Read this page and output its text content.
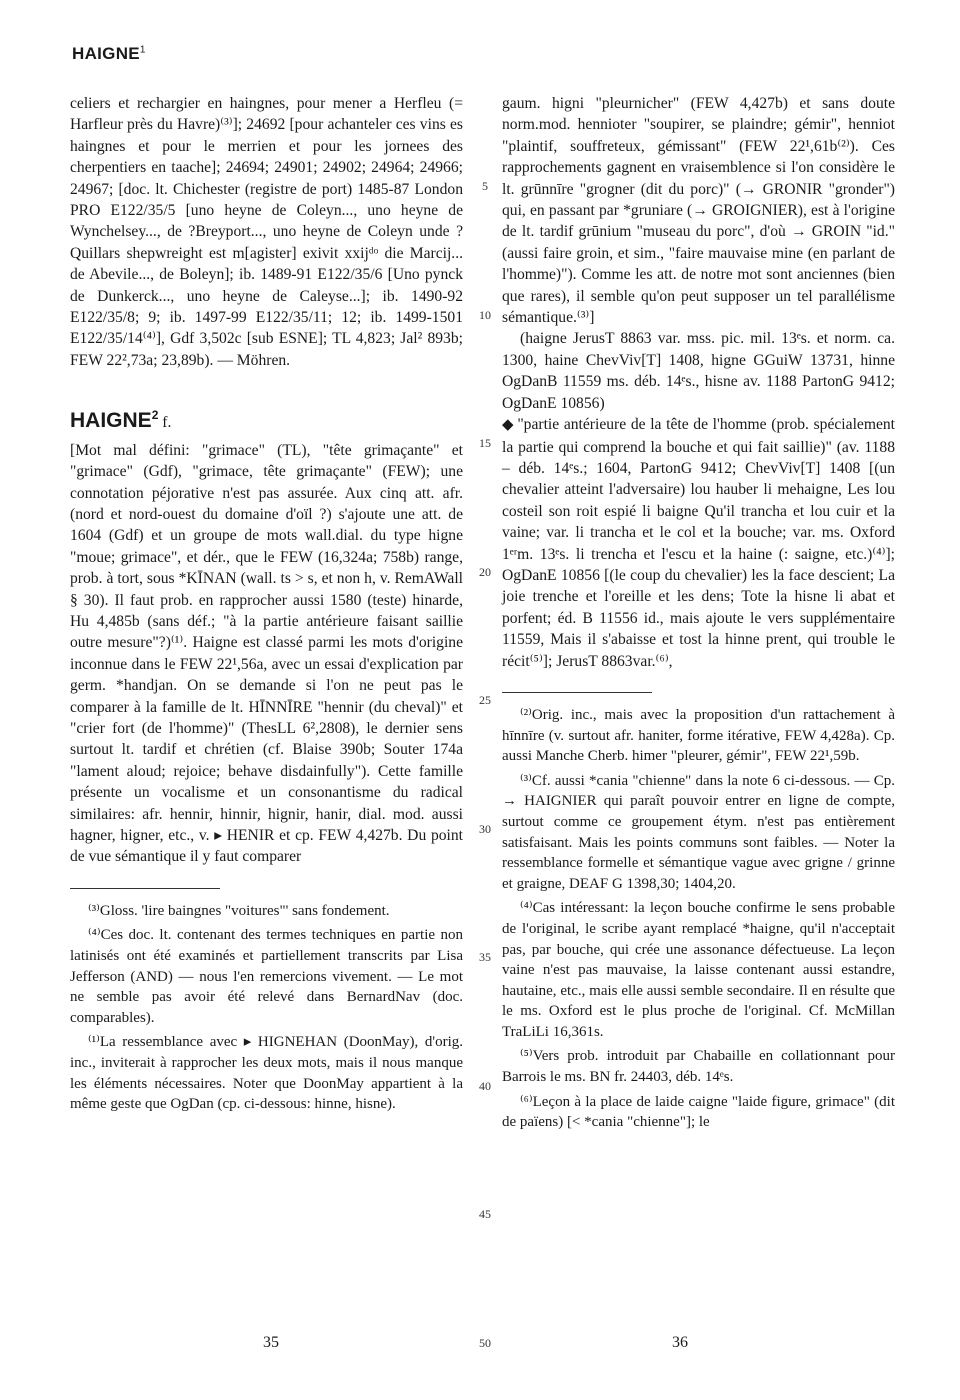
HAIGNE$^1$

celiers et rechargier en haingnes, pour mener a Herfleu (= Harfleur près du Havre)⁽³⁾]; 24692 [pour achanteler ces vins es haingnes et pour le merrien et pour les jornees des cherpentiers en taache]; 24694; 24901; 24902; 24964; 24966; 24967; [doc. lt. Chichester (registre de port) 1485-87 London PRO E122/35/5 [uno heyne de Coleyn..., uno heyne de Wynchelsey..., de ?Breyport..., uno heyne de Coleyn unde ?Quillars shepwreight est m[agister] exivit xxijᵈᵒ die Marcij... de Abevile..., de Boleyn]; ib. 1489-91 E122/35/6 [Uno pynck de Dunkerck..., uno heyne de Caleyse...]; ib. 1490-92 E122/35/8; 9; ib. 1497-99 E122/35/11; 12; ib. 1499-1501 E122/35/14⁽⁴⁾], Gdf 3,502c [sub ESNE]; TL 4,823; Jal² 893b; FEW 22²,73a; 23,89b). — Möhren.

HAIGNE$^2$ f.

[Mot mal défini: "grimace" (TL), "tête grimaçante" et "grimace" (Gdf), "grimace, tête grimaçante" (FEW); une connotation péjorative n'est pas assurée. Aux cinq att. afr. (nord et nord-ouest du domaine d'oïl ?) s'ajoute une att. de 1604 (Gdf) et un groupe de mots wall.dial. du type higne "moue; grimace", et dér., que le FEW (16,324a; 758b) range, prob. à tort, sous *KĪNAN (wall. ts > s, et non h, v. RemAWall § 30). Il faut prob. en rapprocher aussi 1580 (teste) hinarde, Hu 4,485b (sans déf.; "à la partie antérieure faisant saillie outre mesure"?)⁽¹⁾. Haigne est classé parmi les mots d'origine inconnue dans le FEW 22¹,56a, avec un essai d'explication par germ. *handjan. On se demande si l'on ne peut pas le comparer à la famille de lt. HĪNNĪRE "hennir (du cheval)" et "crier fort (de l'homme)" (ThesLL 6²,2808), le dernier sens surtout lt. tardif et chrétien (cf. Blaise 390b; Souter 174a "lament aloud; rejoice; behave disdainfully"). Cette famille présente un vocalisme et un consonantisme du radical similaires: afr. hennir, hinnir, hignir, hanir, dial. mod. aussi hagner, higner, etc., v. ▸ HENIR et cp. FEW 4,427b. Du point de vue sémantique il y faut comparer

⁽³⁾Gloss. 'lire baingnes "voitures"' sans fondement.

⁽⁴⁾Ces doc. lt. contenant des termes techniques en partie non latinisés ont été examinés et partiellement transcrits par Lisa Jefferson (AND) — nous l'en remercions vivement. — Le mot ne semble pas avoir été relevé dans BernardNav (doc. comparables).

⁽¹⁾La ressemblance avec ▸ HIGNEHAN (DoonMay), d'orig. inc., inviterait à rapprocher les deux mots, mais il nous manque les éléments nécessaires. Noter que DoonMay appartient à la même geste que OgDan (cp. ci-dessous: hinne, hisne).

5
10
15
20
25
30
35
40
45
50

gaum. higni "pleurnicher" (FEW 4,427b) et sans doute norm.mod. hennioter "soupirer, se plaindre; gémir", henniot "plaintif, souffreteux, gémissant" (FEW 22¹,61b⁽²⁾). Ces rapprochements gagnent en vraisemblence si l'on considère le lt. grūnnīre "grogner (dit du porc)" (→ GRONIR "gronder") qui, en passant par *gruniare (→ GROIGNIER), est à l'origine de lt. tardif grūnium "museau du porc", d'où → GROIN "id." (aussi faire groin, et sim., "faire mauvaise mine (en parlant de l'homme)"). Comme les att. de notre mot sont anciennes (bien que rares), il semble qu'on peut supposer un tel parallélisme sémantique.⁽³⁾]

(haigne JerusT 8863 var. mss. pic. mil. 13ᵉs. et norm. ca. 1300, haine ChevViv[T] 1408, higne GGuiW 13731, hinne OgDanB 11559 ms. déb. 14ᵉs., hisne av. 1188 PartonG 9412; OgDanE 10856)

◆ "partie antérieure de la tête de l'homme (prob. spécialement la partie qui comprend la bouche et qui fait saillie)" (av. 1188 – déb. 14ᵉs.; 1604, PartonG 9412; ChevViv[T] 1408 [(un chevalier atteint l'adversaire) lou hauber li mehaigne, Les lou costeil son roit espié li baigne Qu'il trancha et lou cuir et la vaine; var. li trancha et le col et la bouche; var. ms. Oxford 1ᵉʳm. 13ᵉs. li trencha et l'escu et la haine (: saigne, etc.)⁽⁴⁾]; OgDanE 10856 [(le coup du chevalier) les la face descient; La joie trenche et l'oreille et les dens; Tote la hisne li abat et porfent; éd. B 11556 id., mais ajoute le vers supplémentaire 11559, Mais il s'abaisse et tost la hinne prent, qui trouble le récit⁽⁵⁾]; JerusT 8863var.⁽⁶⁾,

⁽²⁾Orig. inc., mais avec la proposition d'un rattachement à hīnnīre (v. surtout afr. haniter, forme itérative, FEW 4,428a). Cp. aussi Manche Cherb. himer "pleurer, gémir", FEW 22¹,59b.

⁽³⁾Cf. aussi *cania "chienne" dans la note 6 ci-dessous. — Cp. → HAIGNIER qui paraît pouvoir entrer en ligne de compte, surtout comme ce groupement étym. n'est pas entièrement satisfaisant. Mais les points communs sont faibles. — Noter la ressemblance formelle et sémantique vague avec grigne / grinne et graigne, DEAF G 1398,30; 1404,20.

⁽⁴⁾Cas intéressant: la leçon bouche confirme le sens probable de l'original, le scribe ayant remplacé *haigne, qu'il n'acceptait pas, par bouche, qui crée une assonance défectueuse. La leçon vaine n'est pas mauvaise, la laisse contenant aussi estandre, hautaine, etc., mais elle aussi semble secondaire. Il en résulte que le ms. Oxford est le plus proche de l'original. Cf. McMillan TraLiLi 16,361s.

⁽⁵⁾Vers prob. introduit par Chabaille en collationnant pour Barrois le ms. BN fr. 24403, déb. 14ᵉs.

⁽⁶⁾Leçon à la place de laide caigne "laide figure, grimace" (dit de païens) [< *cania "chienne"]; le

35	36
